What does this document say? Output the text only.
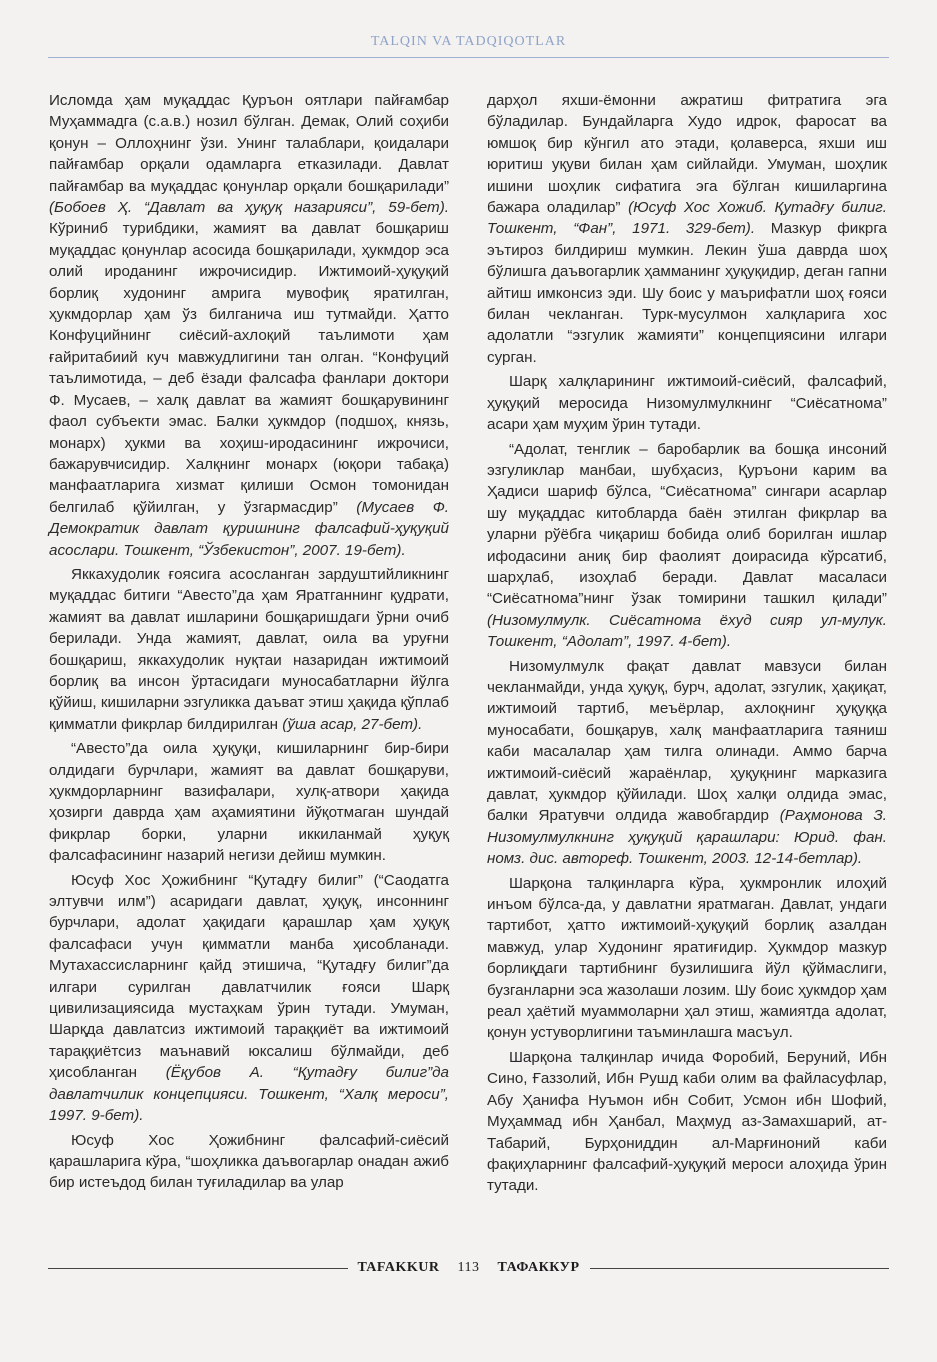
TALQIN VA TADQIQOTLAR

Исломда ҳам муқаддас Қуръон оятлари пайғамбар Муҳаммадга (с.а.в.) нозил бўлган. Демак, Олий соҳиби қонун – Оллоҳнинг ўзи. Унинг талаблари, қоидалари пайғамбар орқали одамларга етказилади. Давлат пайғамбар ва муқаддас қонунлар орқали бошқарилади” (Бобоев Ҳ. “Давлат ва ҳуқуқ назарияси”, 59-бет). Кўриниб турибдики, жамият ва давлат бошқариш муқаддас қонунлар асосида бошқарилади, ҳукмдор эса олий ироданинг ижрочисидир. Ижтимоий-ҳуқуқий борлиқ худонинг амрига мувофиқ яратилган, ҳукмдорлар ҳам ўз билганича иш тутмайди. Ҳатто Конфуцийнинг сиёсий-ахлоқий таълимоти ҳам ғайритабиий куч мавжудлигини тан олган. “Конфуций таълимотида, – деб ёзади фалсафа фанлари доктори Ф. Мусаев, – халқ давлат ва жамият бошқарувининг фаол субъекти эмас. Балки ҳукмдор (подшоҳ, князь, монарх) ҳукми ва хоҳиш-иродасининг ижрочиси, бажарувчисидир. Халқнинг монарх (юқори табақа) манфаатларига хизмат қилиши Осмон томонидан белгилаб қўйилган, у ўзгармасдир” (Мусаев Ф. Демократик давлат қуришнинг фалсафий-ҳуқуқий асослари. Тошкент, “Ўзбекистон”, 2007. 19-бет).

Яккахудолик ғоясига асосланган зардуштийликнинг муқаддас битиги “Авесто”да ҳам Яратганнинг қудрати, жамият ва давлат ишларини бошқаришдаги ўрни очиб берилади. Унда жамият, давлат, оила ва уруғни бошқариш, яккахудолик нуқтаи назаридан ижтимоий борлиқ ва инсон ўртасидаги муносабатларни йўлга қўйиш, кишиларни эзгуликка даъват этиш ҳақида қўплаб қимматли фикрлар билдирилган (ўша асар, 27-бет).

“Авесто”да оила ҳуқуқи, кишиларнинг бир-бири олдидаги бурчлари, жамият ва давлат бошқаруви, ҳукмдорларнинг вазифалари, хулқ-атвори ҳақида ҳозирги даврда ҳам аҳамиятини йўқотмаган шундай фикрлар борки, уларни иккиланмай ҳуқуқ фалсафасининг назарий негизи дейиш мумкин.

Юсуф Хос Ҳожибнинг “Қутадғу билиг” (“Саодатга элтувчи илм”) асаридаги давлат, ҳуқуқ, инсоннинг бурчлари, адолат ҳақидаги қарашлар ҳам ҳуқуқ фалсафаси учун қимматли манба ҳисобланади. Мутахассисларнинг қайд этишича, “Қутадғу билиг”да илгари сурилган давлатчилик ғояси Шарқ цивилизациясида мустаҳкам ўрин тутади. Умуман, Шарқда давлатсиз ижтимоий тараққиёт ва ижтимоий тараққиётсиз маънавий юксалиш бўлмайди, деб ҳисобланган (Ёқубов А. “Қутадғу билиг”да давлатчилик концепцияси. Тошкент, “Халқ мероси”, 1997. 9-бет).

Юсуф Хос Ҳожибнинг фалсафий-сиёсий қарашларига кўра, “шоҳликка даъвогарлар онадан ажиб бир истеъдод билан туғиладилар ва улар

дарҳол яхши-ёмонни ажратиш фитратига эга бўладилар. Бундайларга Худо идрок, фаросат ва юмшоқ бир кўнгил ато этади, қолаверса, яхши иш юритиш уқуви билан ҳам сийлайди. Умуман, шоҳлик ишини шоҳлик сифатига эга бўлган кишиларгина бажара оладилар” (Юсуф Хос Хожиб. Қутадғу билиг. Тошкент, “Фан”, 1971. 329-бет). Мазкур фикрга эътироз билдириш мумкин. Лекин ўша даврда шоҳ бўлишга даъвогарлик ҳамманинг ҳуқуқидир, деган гапни айтиш имконсиз эди. Шу боис у маърифатли шоҳ ғояси билан чекланган. Турк-мусулмон халқларига хос адолатли “эзгулик жамияти” концепциясини илгари сурган.

Шарқ халқларининг ижтимоий-сиёсий, фалсафий, ҳуқуқий меросида Низомулмулкнинг “Сиёсатнома” асари ҳам муҳим ўрин тутади.

“Адолат, тенглик – баробарлик ва бошқа инсоний эзгуликлар манбаи, шубҳасиз, Қуръони карим ва Ҳадиси шариф бўлса, “Сиёсатнома” сингари асарлар шу муқаддас китобларда баён этилган фикрлар ва уларни рўёбга чиқариш бобида олиб борилган ишлар ифодасини аниқ бир фаолият доирасида кўрсатиб, шарҳлаб, изоҳлаб беради. Давлат масаласи “Сиёсатнома”нинг ўзак томирини ташкил қилади” (Низомулмулк. Сиёсатнома ёхуд сияр ул-мулук. Тошкент, “Адолат”, 1997. 4-бет).

Низомулмулк фақат давлат мавзуси билан чекланмайди, унда ҳуқуқ, бурч, адолат, эзгулик, ҳақиқат, ижтимоий тартиб, меъёрлар, ахлоқнинг ҳуқуққа муносабати, бошқарув, халқ манфаатларига таяниш каби масалалар ҳам тилга олинади. Аммо барча ижтимоий-сиёсий жараёнлар, ҳуқуқнинг марказига давлат, ҳукмдор қўйилади. Шоҳ халқи олдида эмас, балки Яратувчи олдида жавобгардир (Раҳмонова З. Низомулмулкнинг ҳуқуқий қарашлари: Юрид. фан. номз. дис. автореф. Тошкент, 2003. 12-14-бетлар).

Шарқона талқинларга кўра, ҳукмронлик илоҳий инъом бўлса-да, у давлатни яратмаган. Давлат, ундаги тартибот, ҳатто ижтимоий-ҳуқуқий борлиқ азалдан мавжуд, улар Худонинг яратиғидир. Ҳукмдор мазкур борлиқдаги тартибнинг бузилишига йўл қўймаслиги, бузганларни эса жазолаши лозим. Шу боис ҳукмдор ҳам реал ҳаётий муаммоларни ҳал этиш, жамиятда адолат, қонун устуворлигини таъминлашга масъул.

Шарқона талқинлар ичида Форобий, Беруний, Ибн Сино, Ғаззолий, Ибн Рушд каби олим ва файласуфлар, Абу Ҳанифа Нуъмон ибн Собит, Усмон ибн Шофий, Муҳаммад ибн Ҳанбал, Маҳмуд аз-Замахшарий, ат-Табарий, Бурҳониддин ал-Марғиноний каби фақиҳларнинг фалсафий-ҳуқуқий мероси алоҳида ўрин тутади.

TAFAKKUR	113	ТАФАККУР
